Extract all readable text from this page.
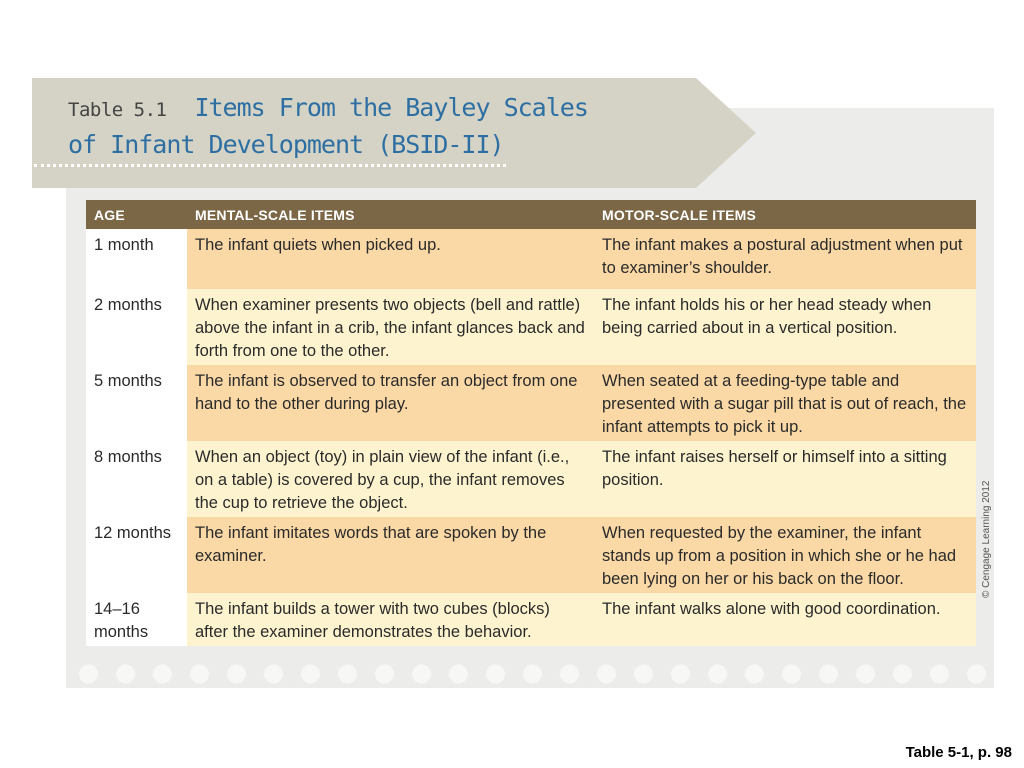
Table 5.1 Items From the Bayley Scales
of Infant Development (BSID-II)
AGE	MENTAL-SCALE ITEMS	MOTOR-SCALE ITEMS
1 month	The infant quiets when picked up.	The infant makes a postural adjustment when put to examiner’s shoulder.
2 months	When examiner presents two objects (bell and rattle) above the infant in a crib, the infant glances back and forth from one to the other.	The infant holds his or her head steady when being carried about in a vertical position.
5 months	The infant is observed to transfer an object from one hand to the other during play.	When seated at a feeding-type table and presented with a sugar pill that is out of reach, the infant attempts to pick it up.
8 months	When an object (toy) in plain view of the infant (i.e., on a table) is covered by a cup, the infant removes the cup to retrieve the object.	The infant raises herself or himself into a sitting position.
12 months	The infant imitates words that are spoken by the examiner.	When requested by the examiner, the infant stands up from a position in which she or he had been lying on her or his back on the floor.
14–16 months	The infant builds a tower with two cubes (blocks) after the examiner demonstrates the behavior.	The infant walks alone with good coordination.
© Cengage Learning 2012
Table 5-1, p. 98
